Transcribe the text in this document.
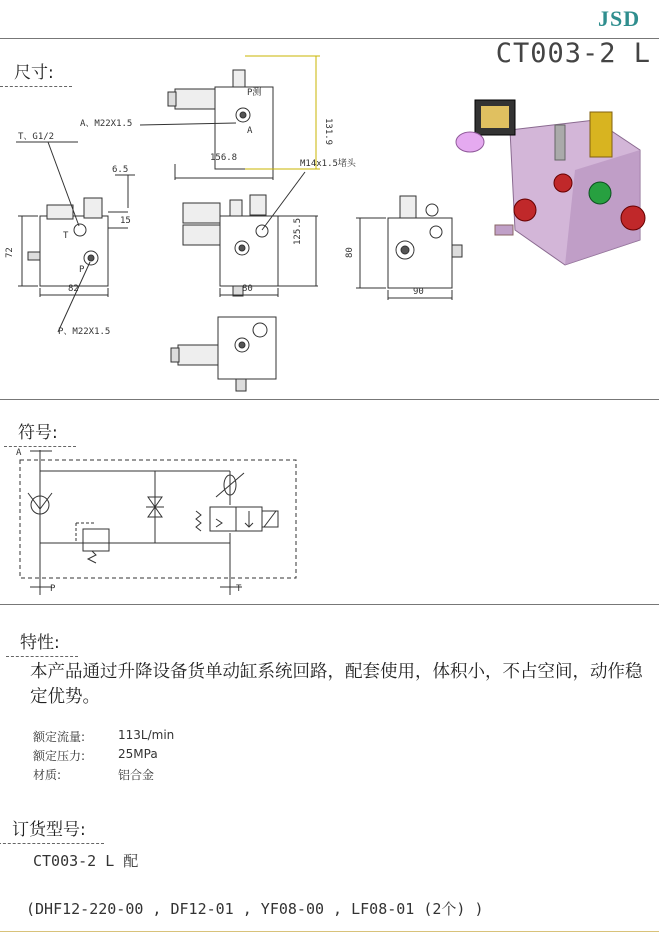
JSD
CT003-2 L
尺寸:
131.9
156.8
6.5
15
72
82
125.5
80
80
90
A、M22X1.5
T、G1/2
M14x1.5堵头
P、M22X1.5
P测
A
T
P
符号:
A
P	T
特性:
本产品通过升降设备货单动缸系统回路，配套使用，体积小，不占空间，动作稳定优势。
额定流量:	113L/min
额定压力:	25MPa
材质:	铝合金
订货型号:
CT003-2 L 配
(DHF12-220-00 , DF12-01 , YF08-00 , LF08-01 (2个) )
